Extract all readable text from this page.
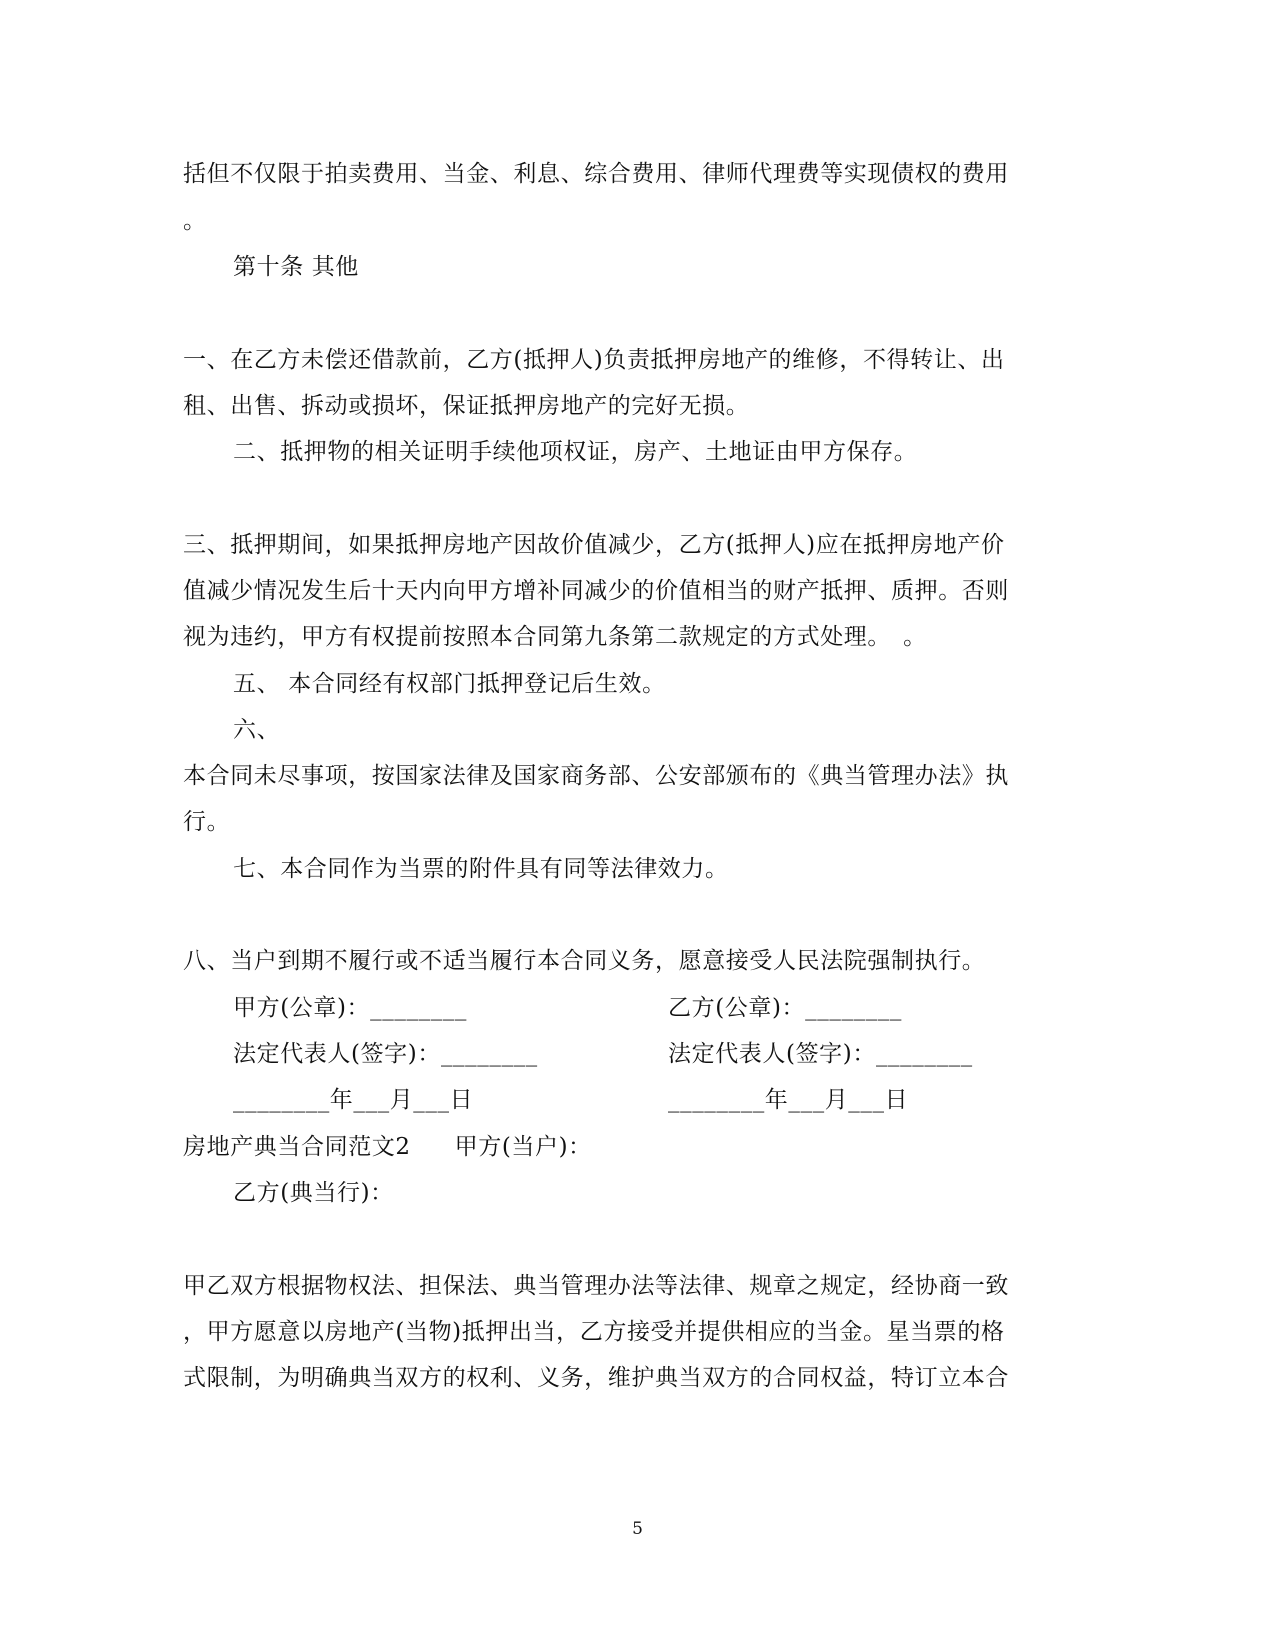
括但不仅限于拍卖费用、当金、利息、综合费用、律师代理费等实现债权的费用
。
第十条 其他
一、在乙方未偿还借款前，乙方(抵押人)负责抵押房地产的维修，不得转让、出
租、出售、拆动或损坏，保证抵押房地产的完好无损。
二、抵押物的相关证明手续他项权证，房产、土地证由甲方保存。
三、抵押期间，如果抵押房地产因故价值减少，乙方(抵押人)应在抵押房地产价
值减少情况发生后十天内向甲方增补同减少的价值相当的财产抵押、质押。否则
视为违约，甲方有权提前按照本合同第九条第二款规定的方式处理。　。
五、 本合同经有权部门抵押登记后生效。
六、
本合同未尽事项，按国家法律及国家商务部、公安部颁布的《典当管理办法》执
行。
七、本合同作为当票的附件具有同等法律效力。
八、当户到期不履行或不适当履行本合同义务，愿意接受人民法院强制执行。
甲方(公章)：________	乙方(公章)：________
法定代表人(签字)：________	法定代表人(签字)：________
________年___月___日	________年___月___日
房地产典当合同范文2 甲方(当户)：
乙方(典当行)：
甲乙双方根据物权法、担保法、典当管理办法等法律、规章之规定，经协商一致
，甲方愿意以房地产(当物)抵押出当，乙方接受并提供相应的当金。星当票的格
式限制，为明确典当双方的权利、义务，维护典当双方的合同权益，特订立本合
5
